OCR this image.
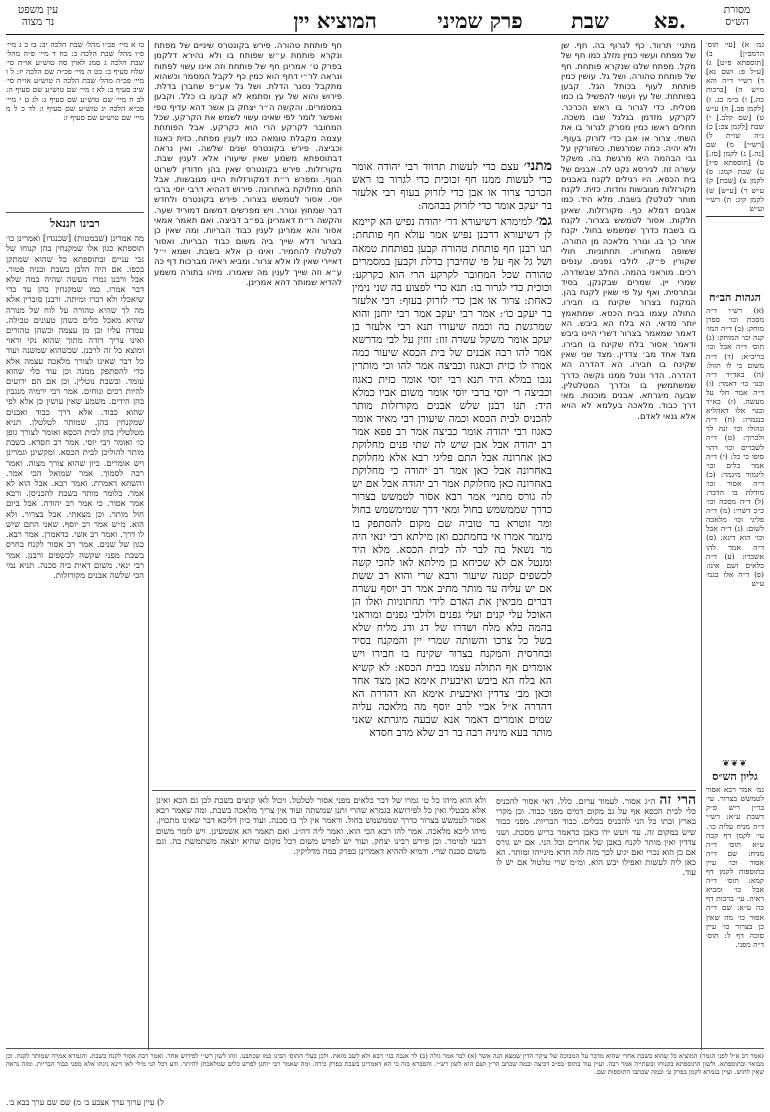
מסורת
הש״ס
המוציא יין	פרק שמיני	שבת	פא.
עין משפט
נר מצוה

גמ׳ א) [עי׳ תוס׳ הרמב״ן] ב) [תוספתא פ״ט] ג) [ע״ל פ: ושם נא] ד) רש״י ד״ה והא מ״ש ה) [ברכות כה.] ו) ב״מ כג. ז) [לקמן פב.] ח) ע״ש ט) [שם קלב.] י) שבת [לקמן צב:] כ) ג״ה שו״ת ל) [רש״י] מ) שם [נה.] נ) לקמן [סז.] ס) [תוספתא פ״ז] ע) שבת קמג: פ) לקמן צ) [שבת] ק) ע״ש ר) [ע״ש] ש) לקמן קיג: ת) רש״י וע״ש

הגהות הב״ח

(א) רש״י ד״ה מסכת וכו׳ ספרן מוחק: (ב) ד״ה המו׳ קנה וכו׳ המוחק: (ג) תוס׳ ד״ה אבל וכו׳ בריב״א: (ד) ד״ה משום כי לו תזול: (ה) באד״ד ד״ה ובגו׳ כו׳ דאמר: (ו) ד״ה אמר חלי על מעשה. (ז) בא״ד ובגוי אלו דאהליא בנגמרו: (ח) ד״ה ונהולו וכו׳ ונה לך ולכרוך: (ט) ד״ה לשברים וכו׳ דהוי סופו כי כל: (י) ד״ה אמר כלים וכו׳ ליגמור מיגמר: (כ) ד״ה אסור וכו׳ מודלת בו הדבר: (ל) ד״ה מסכה וכו׳ כ״כ דשרי: (מ) ד״ה פליגי וכו׳ מלאכה לשום: (נ) ד״ה אבל וכו׳ הוא דינא: (ס) ד״ה אמר להו אשכרו: (ע) ד״ה כלאים ושם אינו: (פ) ד״ה אלו בגמ׳ ע״ש

❦❦❦
גליון הש״ס

גמ׳ אמר רבא אסור לטמשש בצרור. עי׳ בר״ן ריש פ״ק דשבת ע״א: רש״י ד״ה מניח עליה כו׳. עי׳ לקמן דף קכה ע״א תוס׳ ד״ה מניח: שם ד״ה אסור וכו׳ עיין בתוספות לקמן דף קמא: תוס׳ ד״ה אבל כו׳ ומביא ראיה. עי׳ ברכות דף כה ע״א: שם ד״ה אסור כו׳ מה שאין כן בצרור כו׳ עיין סוכה דף ל: תוס׳ ד״ה מפני.

מתני׳ תרווד. כף לגרוף בה. חף. שן של מפתח ועשוי כמין מזלג כמו חף של מקל. מפתח שלנו שנקרא פותחת. חף של פותחת טהורה. ושל גל. עושין כמין פותחת לעוף בכותל הגל. קבען בפותחת. של עץ ועשוי להפשיל בו כמו מטלית. כדי לגרור בו ראש הכרכר. לקרקע מזדמן בגלגל שבו משכה. תחלים ראשו כמין מסרק לגרור בו את השתי. צרור או אבן כדי לזרוק בעוף. ולא יהיה. כמה שמרגשת. כשזורקין על גבי הבהמה היא מרגשת בה. משקל עשרה זוז. לגירסא נקט לה. אבנים של בית הכסא. היו רגילים לקנח באבנים מקורזלות מגובשות וחדות. כזית. לקנח מותר לטלטלן בשבת. מלא היד. כמו אבנים דמלא כף. מקורזלות. שאינן חלקות. אסור לטמשש בצרור. לקנח בו בשבת כדרך שמשמש בחול. יקנח אחר כך בו. וגורר מלאכה מן התורה. ששופה מאחוריו. תחתוניות. חולי שקורין פ״ק. לולבי גפנים. ענפים רכים. מוראני בהמה. החלב שבשדרה. שמרי יין. שמרים שבקנקן. בסיד ובחרסית. ואף על פי שאין לקנח בהן. המקנח בצרור שקינח בו חבירו. התולה עצמו בבית הכסא. שמתאמץ יותר מדאי. הא בלח הא ביבש. הא דאמר שמאמר בצרור דשרי היינו ביבש ודאמר אסור בלח שקינח בו חבירו. מצד אחד מב׳ צדדין. מצד שני שאין שקינח בו חבירו. הא דהדרה הא דהדרה. הדר ונטל ממנו נקשה כדרך שמשתמשין בו וכדרך המטלטלין. שבעה מיגרתא. אבנים מוכנות. מאי דרך כבוד. מלאכה בעלמא לא הויא אלא גנאי לאדם.

מתני׳ עצם כדי לעשות תרווד רבי יהודה אומר כדי לעשות ממנו חף זכוכית כדי לגרור בו ראש הכרכר צרור או אבן כדי לזרוק בעוף רבי אלעזר בר יעקב אומר כדי לזרוק בבהמה:

גמ׳ למימרא דשיעורא דר׳ יהודה נפיש הא קיימא לן דשיעורא דרבנן נפיש אמר עולא חף פותחת: תנו רבנן חף פותחת טהורה קבען בפותחת טמאה ושל גל אף על פי שחיברן בדלת וקבען במסמרים טהורה שכל המחובר לקרקע הרי הוא כקרקע: וכוכית כדי לגרור בו: תנא כדי לפצוע בה שני נימין כאחת: צרור או אבן כדי לזרוק בעוף: רבי אלעזר בר יעקב כו׳: אמר רבי יעקב אמר רבי יוחנן והוא שמרגשת בה וכמה שיעורו תנא רבי אלעזר בן יעקב אומר משקל עשרה זוז: זוזין על לבי מדרשא אמר להו רבה אבנים של בית הכסא שיעור כמה אמרו לו כזית וכאגוז וכביצה אמר להו וכי מותרין נגבו במלא היד תנא רבי יוסי אומר כזית כאגוז וכביצה ר׳ יוסי ברבי יוסי אומר משום אביו כמלא היד: תנו רבנן שלש אבנים מקורזלות מותר להכניס לבית הכסא וכמה שיעורן רבי מאיר אומר כאגוז רבי יהודה אומר כביצה אמר רב פפא אמר רב יהודה אבל אבן שיש לה שתי פנים מחלוקת כאן אחרונה אבל התם פליגי רבא אלא מחלוקת באחרונה אבל כאן אמר רב יהודה כי מחלוקת באחרונה כאן מחלוקת אמר רב יהודה אבל אם יש לה גורס מתני׳ אמר רבא אסור לטמשש בצרור כדרך שממשמש בחול ומאי דרך שמימשמש בחול ומר זוטרא בר טוביה שם מקום להסתפק בו מיגמר אמרו אי בחמתכם ואן מילתא רבי ינאי היה מר נשאל בה לבר לה לבית הכסא. מלא היד ומנטל אם לא שכיחא בן מילתא לאו להכי קשה לכשפים קטנה שיעור ורבא שרי והוא רב ששת אם יש עליה עד מותר מתיב אמר רב יוסף עשרה דברים מביאין את האדם לידי תחתוניות ואלו הן האוכל עלי קנים ועלי גפנים ולולבי גפנים ומוראני בהמה בלא מלח ושדרו של דג ודג מליח שלא בשל כל צרכו והשותה שמרי יין והמקנח בסיד ובחרסית והמקנח בצרור שקינח בו חבירו ויש אומרים אף התולה עצמו בבית הכסא: לא קשיא הא בלח הא ביבש ואיבעית אימא כאן מצד אחד וכאן מב׳ צדדין ואיבעית אימא הא דהדרה הא דהדרה א״ל אביי לרב יוסף מה מלאכה עליה שמים אומרים דאמר אנא שבעה מיגרתא שאני מותר בעא מיניה רבה בר רב שלא מרב חסדא

חף פותחת טהורה. פירש בקונטרס שיניים של מפתח ונקרא פותחת ע״ש שפותח בו ולא נהירא דלקמן בפרק ט׳ אמרינן חף של פותחת וזה אינו עשוי לפתוח ונראה לר״י דחף הוא כמין כף לקבל המסמר וכשהוא מתקבל נסגר הדלת. ושל גל אע״פ שחברן בדלת. פירוש והוא של עץ וסתמא לא קבעו בו כלל. וקבען במסמרים. והקשה ה״ר יצחק בן אשר דהא עדיף טפי ואפשר לומר לפי שאינו עשוי לשמש את הקרקע. שכל המחובר לקרקע הרי הוא כקרקע. אבל הפותחת עצמה מקבלת טומאה כמו לענין מפתח. כזית כאגוז וכביצה. פירש בקונטרס שנים שלשה. ואין נראה דבתוספתא משמע שאין שיעורו אלא לענין שבת. מקורזלות. פירש בקונטרס שאין בהן חדודין לשרוט הגוף. ומפרש ר״ת דמקורזלות היינו מגובשות. אבל התם מחלוקת באחרונה. פירוש דההיא דרבי יוסי ברבי יוסי. אסור לטמשש בצרור. פירש בקונטרס ולחדש דבר שמחוץ וגורר. ויש מפרשים דמשום דמוריד שער. והקשה ר״ת דאמרינן בפ״ב דביצה. ואם תאמר אמאי אסור והא אמרינן לענין כבוד הבריות. ומה שאין כן בצרור דלא שייך ביה משום כבוד הבריות. ואסור לטלטלו להחמיר. ואינו כן אלא בשבת. ושמא י״ל דאיירי שאין לו אלא צרור. ומביא ראיה מברכות דף כה ע״א וזה שייך לענין מה שאמרו. מיהו בתורה משמע להדיא שמותר דהא אמרינן.

בו א מיי׳ פכ״ו מהל׳ שבת הלכה יב: בז ב ג מיי׳ פ״ו מהל׳ שבת הלכה כ: כח ד מיי׳ פ״ה מהל׳ שבת הלכה ג סמג לאוין סה טוש״ע או״ח סי׳ שלח סעיף ב: כט ה מיי׳ פכ״ה שם הלכה יז: ל ו מיי׳ פכ״ה מהל׳ שבת הלכה ה טוש״ע או״ח סי׳ שיב סעיף ב: לא ז מיי׳ שם טוש״ע שם סעיף ה: לב ח מיי׳ שם טוש״ע שם סעיף ג: לג ט י מיי׳ פכ״א הלכה יג טוש״ע שם סעיף ו: לד כ ל מ מיי׳ שם טוש״ע שם סעיף ז:

רבינו חננאל

מה אמרינן (שבמטות) [שכנגדו] ואמרינן כו׳ תוספתא כגון אלו שמקנחין בהן קנוחו של גבי עניים ובתוספתא כל שהוא שמתקן בכפו. אם היה הלבן בשבת ובניה פטור. אבל ורבנן גמרו מעשה שהיה במה שלא דבר אמרו. כמו שמקנחין בהן עד כדי שיאכלו ולא דברו ומיתה. ורבנן סוברין אלא מה לך שהיא טהורה על לוח של מנורה שהיא מאכל כלים כשהן טעונים טבילה. עמדה עליו וכן מן עצמה וכשהן טהורים ואינו צריך דודה מתוך שהוא נקי וראוי ומוצא כל זה לרבנן. שכשהוא שמשנה ועוד כל דבר שאינו לצורך מלאכה עצמה אלא כדי להסתפק ממנה וכן עוד כלי שהוא עומד. ובשבת נוטלין. וכן אם הם ידועים להיות רכים ונוחים. אמר רבי ירמיה מנגבין בהן הידים. משמע שאין עושין כן אלא לפי שהוא כבוד. אלא דרך כבוד ואבנים שמקנחין בהן. שמותר לטלטלן. תניא מטלטלין בהן לבית הכסא ואומר לצורך גופן כו׳ ואומר רבי יוסי. אמר רב חסדא. בשבת מותר להוליכן לבית הכסא. ומקשינן וגמרינן ויש אומרים. כיון שהוא צורך מצוה. ואמר רבה לסמוך. אמר שמואל הכי אמר. והשתא דאמרת. ואמר רבא. אבל הוא לא אמר. כלומר מותר בשבת להכניסן. ורבא אמר אסור. כי אמר רב יהודה. אבל ביום חול מותר. וכן מצאתי. אבל בצרור. ולא הוא. מ״ש אמר רב יוסף. שאני התם שיש לו דרך. ואמר רב אשי. כדאמרן. אמר רבא. כגון של שנים. אמר רב אסור לקנח בחרס בשבת מפני שקשה לכשפים ורבנן. אמר רבי ינאי. משום דאית ביה סכנה. תניא נמי הכי שלשה אבנים מקורזלות.

הרי זה ה״ג אסור. לעמוד ערום. כלל. דאי אסור להכניס כלי לבית הכסא אף על גב מקום דמים מפני כבוד. וכן מקרי בארץ ובתו כל הני להכניס בכלים. כבוד הבריות. מפני כבוד שיש במקום זה. עד ויעש ידו באבן כדאמר בריש מסכת. ושני צדדין ואין מותר לקנח באבן של אחרים וכל הני. אם יש גורס אם כן הוא נכרי ואם יגיע לכך מזה לזה חדא מינייהו ומותר. הא כאן ליה לעשות ואפילו יבש הוא. ומ״מ שרי טלטול אם יש לו עוד.

ולא הוא מיהו כל ט׳ גמרו של דבר כלאים מפני אסור לטלטל. ויכול לאו קוצים בשבת לכן גם הכא ואינן אלא מבטלי ואין כל לפירושא בגמרא שהרי ותנן שמשתה ועוד אין צריך מלאכה בשבת. ומה שאמר רבא אסור לטמשש בצרור כדרך שממשמש בחול. ודאמר אין לך בו סכנה. ועוד כיון דליכא דבר שאינו מתכוין. מיהו ליכא מלאכה. אמר להו רבא הכי הוא. ואמר ליה דה״נ. ואם תאמר הא אשמעינן. ויש לומר משום דבעי למימר. וכן פירש רבינו יצחק. ועוד יש לפרש משום דכל מקום שהיא יוצאה משתמשת בה. וגם משום סכנה שרי. ודמיא לההיא דאמרינן בפרק במה מדליקין.

(אמר רב א״ל לפני הגמר) המוציא כל שהוא בשבת אחרי שהוא מדבר על המבוכה של עיקר הדין שמצא הנה אשר (א) לבר אמר גולה (ב) לר אנבה בגי׳ רבא ולא לשב מזאת. ולכן בעלי התוס׳ הבינו כמו שכתבנו. וזהו לשון רש״י לפירוש אחר. ואמר רבה אסור לקנח בשבת. והגמרא אמרה שמותר לקנח. וכן מבואר ובתוספתא. ולשון התוספתא בקנוחו ובשתייה אמר רבה. ועיין עוד בתוס׳ בפ״ב דביצה ובמה שכתב הר״ן ושם הוא לשון רש״י. והסברא בזה כי הא דאמרינן בשבת בפרק כירה. ומה שאמר רבי יוחנן לפרש כלים שמלאכתן להיתר. ודע דכל הני מילי לאו דינא נינהו אלא מפני כבוד הבריות. ומזה נראה שאין לחוש. ועיין בגמרא לקמן בפרק ט׳ ובמה שכתבו התוספות שם.

ל) עיין ערוך ערך אצבע ב׳ מ) שם שם ערך בבא ב׳.
